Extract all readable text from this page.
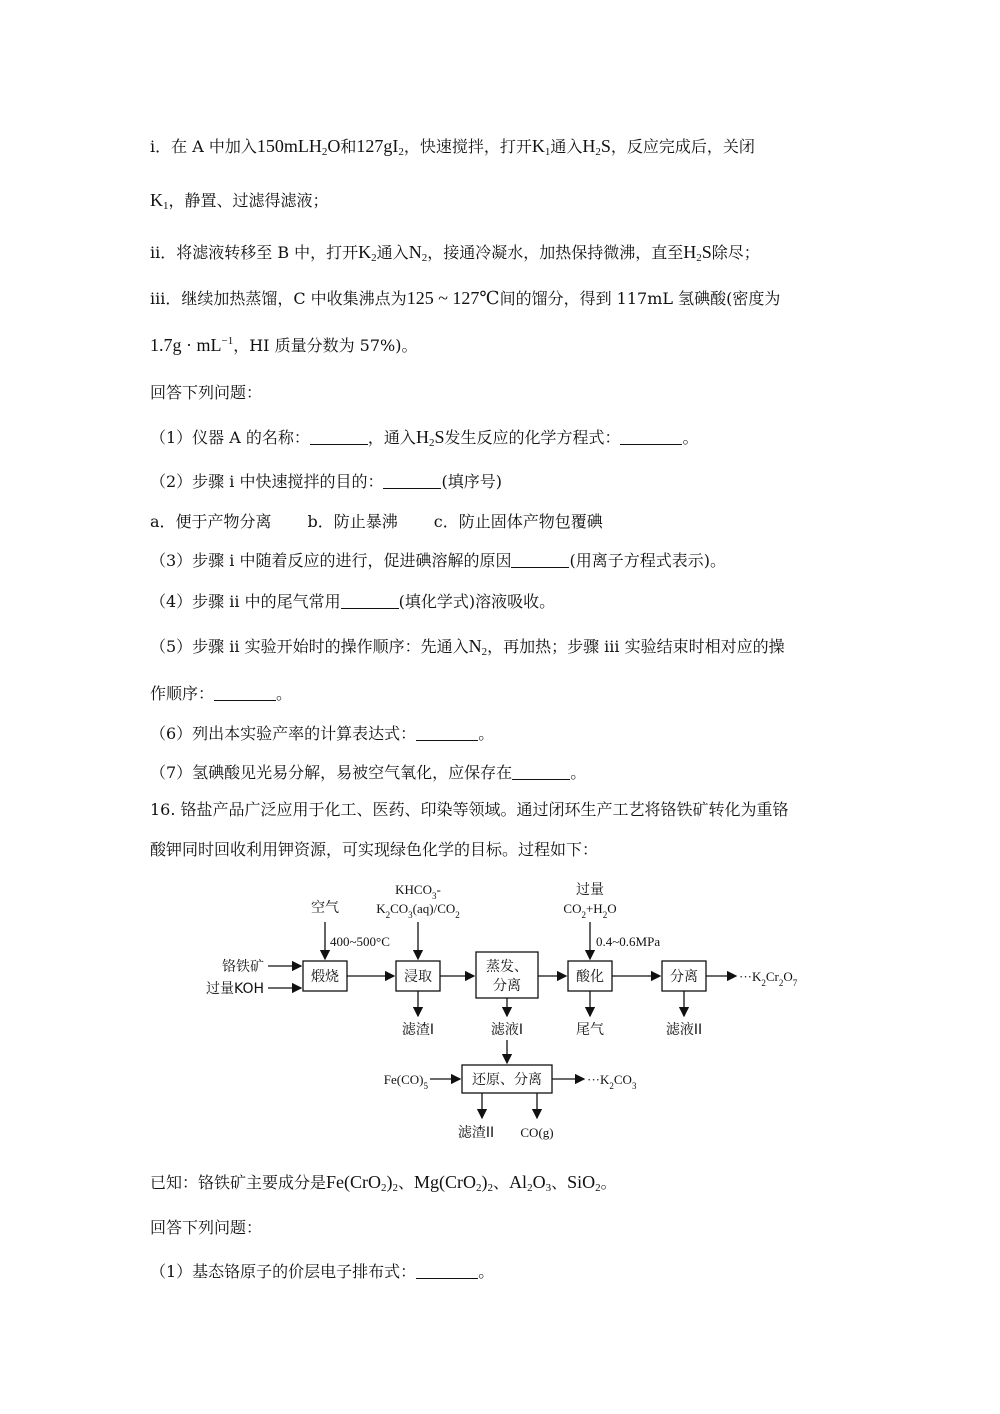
ⅰ．在 A 中加入150mLH$_2$O和$127gI_2$，快速搅拌，打开$K_1$通入$H_2S$，反应完成后，关闭
$K_1$，静置、过滤得滤液；
ⅱ．将滤液转移至 B 中，打开$K_2$通入$N_2$，接通冷凝水，加热保持微沸，直至$H_2S$除尽；
ⅲ．继续加热蒸馏，C 中收集沸点为125 ~ 127℃间的馏分，得到 117mL 氢碘酸(密度为
$1.7g \cdot mL^{-1}$，HI 质量分数为 57%)。
回答下列问题：
（1）仪器 A 的名称：	，通入$H_2S$发生反应的化学方程式：	。
（2）步骤 ⅰ 中快速搅拌的目的：	(填序号)
a．便于产物分离 b．防止暴沸 c．防止固体产物包覆碘
（3）步骤 ⅰ 中随着反应的进行，促进碘溶解的原因	(用离子方程式表示)。
（4）步骤 ⅱ 中的尾气常用	(填化学式)溶液吸收。
（5）步骤 ⅱ 实验开始时的操作顺序：先通入$N_2$，再加热；步骤 ⅲ 实验结束时相对应的操
作顺序：	。
（6）列出本实验产率的计算表达式：	。
（7）氢碘酸见光易分解，易被空气氧化，应保存在	。
16. 铬盐产品广泛应用于化工、医药、印染等领域。通过闭环生产工艺将铬铁矿转化为重铬
酸钾同时回收利用钾资源，可实现绿色化学的目标。过程如下：
空气
400~500°C
$KHCO_3-$
$K_2CO_3(aq)/CO_2$
过量
$CO_2+H_2O$
0.4~0.6MPa
铬铁矿
过量KOH
煅烧	浸取
蒸发、
分离
酸化	分离
还原、分离
$\cdot\cdot\cdot K_2Cr_2O_7$
滤渣I	滤液I	尾气	滤液II
$Fe(CO)_5$	$\cdot\cdot\cdot K_2CO_3$
滤渣II CO(g)
已知：铬铁矿主要成分是$Fe(CrO_2)_2$、$Mg(CrO_2)_2$、$Al_2O_3$、SiO$_2$。
回答下列问题：
（1）基态铬原子的价层电子排布式：	。
